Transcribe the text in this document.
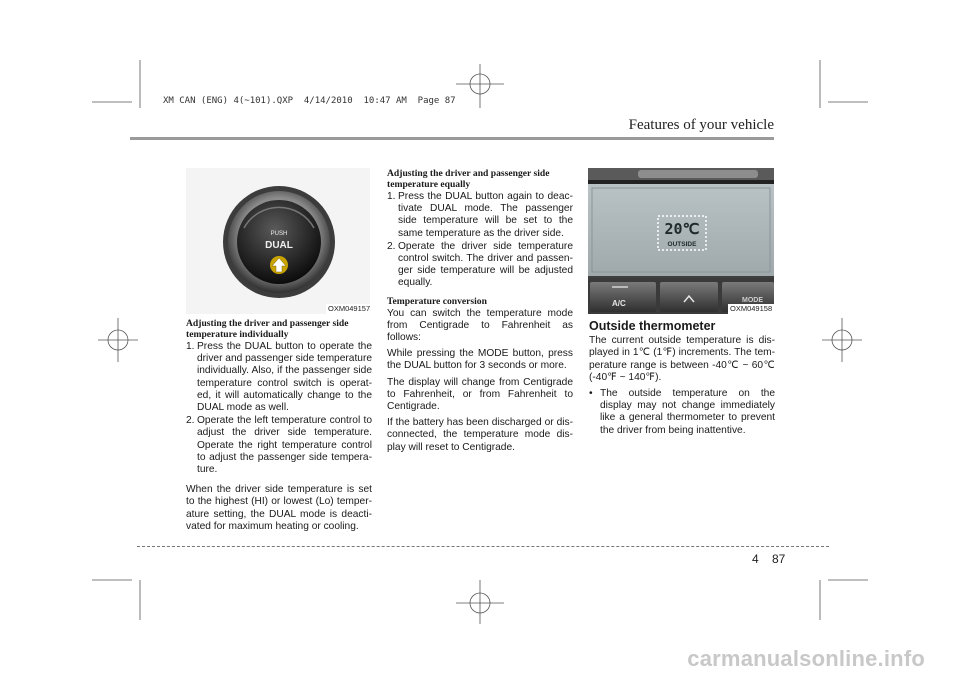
XM CAN (ENG) 4(~101).QXP  4/14/2010  10:47 AM  Page 87
Features of your vehicle
PUSH
DUAL
OXM049157
Adjusting the driver and passenger side temperature individually
1. Press the DUAL button to operate the driver and passenger side temperature individually. Also, if the passenger side temperature control switch is operat-ed, it will automatically change to the DUAL mode as well.
2. Operate the left temperature control to adjust the driver side temperature. Operate the right temperature control to adjust the passenger side tempera-ture.

When the driver side temperature is set to the highest (HI) or lowest (Lo) temper-ature setting, the DUAL mode is deacti-vated for maximum heating or cooling.

Adjusting the driver and passenger side temperature equally
1. Press the DUAL button again to deac-tivate DUAL mode. The passenger side temperature will be set to the same temperature as the driver side.
2. Operate the driver side temperature control switch. The driver and passen-ger side temperature will be adjusted equally.
Temperature conversion

You can switch the temperature mode from Centigrade to Fahrenheit as follows:

While pressing the MODE button, press the DUAL button for 3 seconds or more.

The display will change from Centigrade to Fahrenheit, or from Fahrenheit to Centigrade.

If the battery has been discharged or dis-connected, the temperature mode dis-play will reset to Centigrade.

20℃
OUTSIDE
A/C	MODE
OXM049158
Outside thermometer

The current outside temperature is dis-played in 1℃ (1℉) increments. The tem-perature range is between -40℃ ~ 60℃ (-40℉ ~ 140℉).

• The outside temperature on the display may not change immediately like a general thermometer to prevent the driver from being inattentive.
4 87
carmanualsonline.info
